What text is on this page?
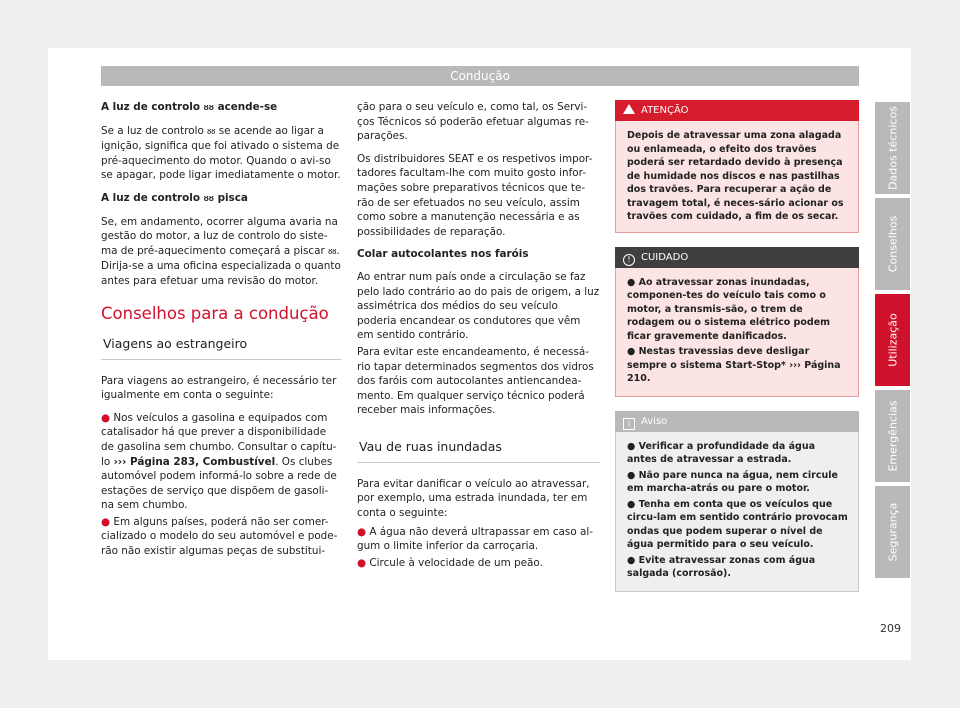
Condução

A luz de controlo ᴕᴕ acende-se

Se a luz de controlo ᴕᴕ se acende ao ligar a ignição, significa que foi ativado o sistema de pré-aquecimento do motor. Quando o avi-so se apagar, pode ligar imediatamente o motor.

A luz de controlo ᴕᴕ pisca

Se, em andamento, ocorrer alguma avaria na gestão do motor, a luz de controlo do siste-ma de pré-aquecimento começará a piscar ᴕᴕ. Dirija-se a uma oficina especializada o quanto antes para efetuar uma revisão do motor.

Conselhos para a condução
Viagens ao estrangeiro

Para viagens ao estrangeiro, é necessário ter igualmente em conta o seguinte:

● Nos veículos a gasolina e equipados com catalisador há que prever a disponibilidade de gasolina sem chumbo. Consultar o capítu-lo ››› Página 283, Combustível. Os clubes automóvel podem informá-lo sobre a rede de estações de serviço que dispõem de gasoli-na sem chumbo.

● Em alguns países, poderá não ser comer-cializado o modelo do seu automóvel e pode-rão não existir algumas peças de substitui-

ção para o seu veículo e, como tal, os Servi-ços Técnicos só poderão efetuar algumas re-parações.

Os distribuidores SEAT e os respetivos impor-tadores facultam-lhe com muito gosto infor-mações sobre preparativos técnicos que te-rão de ser efetuados no seu veículo, assim como sobre a manutenção necessária e as possibilidades de reparação.

Colar autocolantes nos faróis

Ao entrar num país onde a circulação se faz pelo lado contrário ao do pais de origem, a luz assimétrica dos médios do seu veículo poderia encandear os condutores que vêm em sentido contrário.

Para evitar este encandeamento, é necessá-rio tapar determinados segmentos dos vidros dos faróis com autocolantes antiencandea-mento. Em qualquer serviço técnico poderá receber mais informações.

Vau de ruas inundadas

Para evitar danificar o veículo ao atravessar, por exemplo, uma estrada inundada, ter em conta o seguinte:

● A água não deverá ultrapassar em caso al-gum o limite inferior da carroçaria.

● Circule à velocidade de um peão.

ATENÇÃO
Depois de atravessar uma zona alagada ou enlameada, o efeito dos travões poderá ser retardado devido à presença de humidade nos discos e nas pastilhas dos travões. Para recuperar a ação de travagem total, é neces-sário acionar os travões com cuidado, a fim de os secar.
! CUIDADO

● Ao atravessar zonas inundadas, componen-tes do veículo tais como o motor, a transmis-são, o trem de rodagem ou o sistema elétrico podem ficar gravemente danificados.

● Nestas travessias deve desligar sempre o sistema Start-Stop* ››› Página 210.

i Aviso

● Verificar a profundidade da água antes de atravessar a estrada.

● Não pare nunca na água, nem circule em marcha-atrás ou pare o motor.

● Tenha em conta que os veículos que circu-lam em sentido contrário provocam ondas que podem superar o nível de água permitido para o seu veículo.

● Evite atravessar zonas com água salgada (corrosão).

Dados técnicos
Conselhos
Utilização
Emergências
Segurança
209
